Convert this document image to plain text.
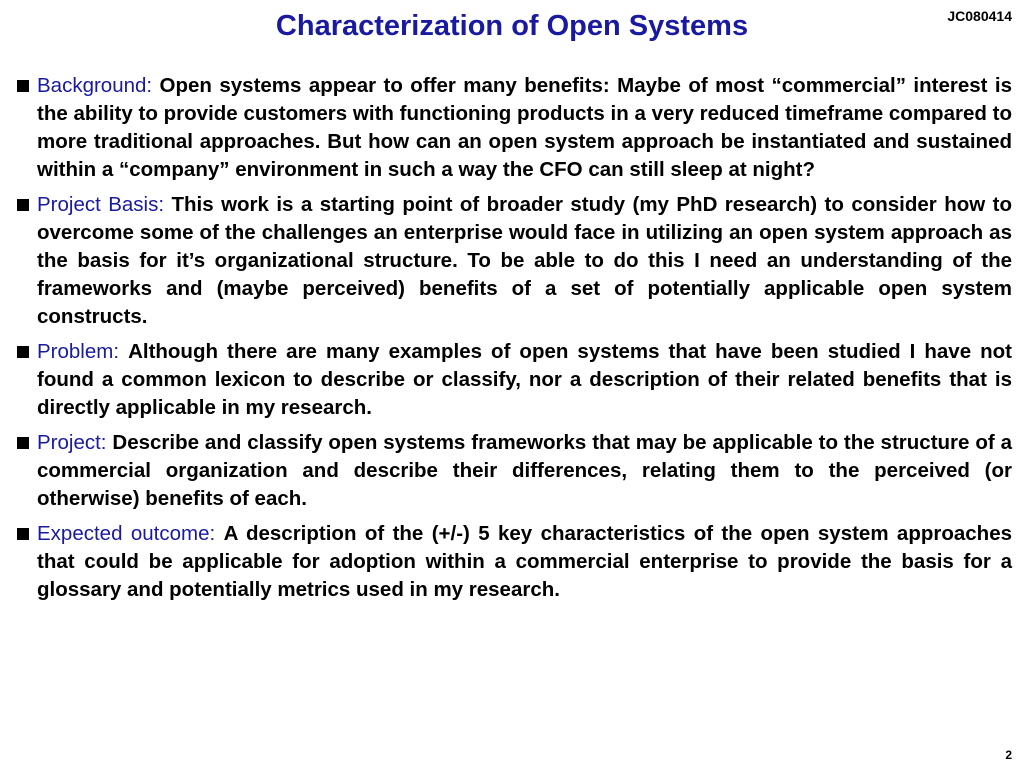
Characterization of Open Systems	JC080414
Background: Open systems appear to offer many benefits: Maybe of most “commercial” interest is the ability to provide customers with functioning products in a very reduced timeframe compared to more traditional approaches. But how can an open system approach be instantiated and sustained within a “company” environment in such a way the CFO can still sleep at night?
Project Basis: This work is a starting point of broader study (my PhD research) to consider how to overcome some of the challenges an enterprise would face in utilizing an open system approach as the basis for it’s organizational structure. To be able to do this I need an understanding of the frameworks and (maybe perceived) benefits of a set of potentially applicable open system constructs.
Problem: Although there are many examples of open systems that have been studied I have not found a common lexicon to describe or classify, nor a description of their related benefits that is directly applicable in my research.
Project: Describe and classify open systems frameworks that may be applicable to the structure of a commercial organization and describe their differences, relating them to the perceived (or otherwise) benefits of each.
Expected outcome: A description of the (+/-) 5 key characteristics of the open system approaches that could be applicable for adoption within a commercial enterprise to provide the basis for a glossary and potentially metrics used in my research.
2
